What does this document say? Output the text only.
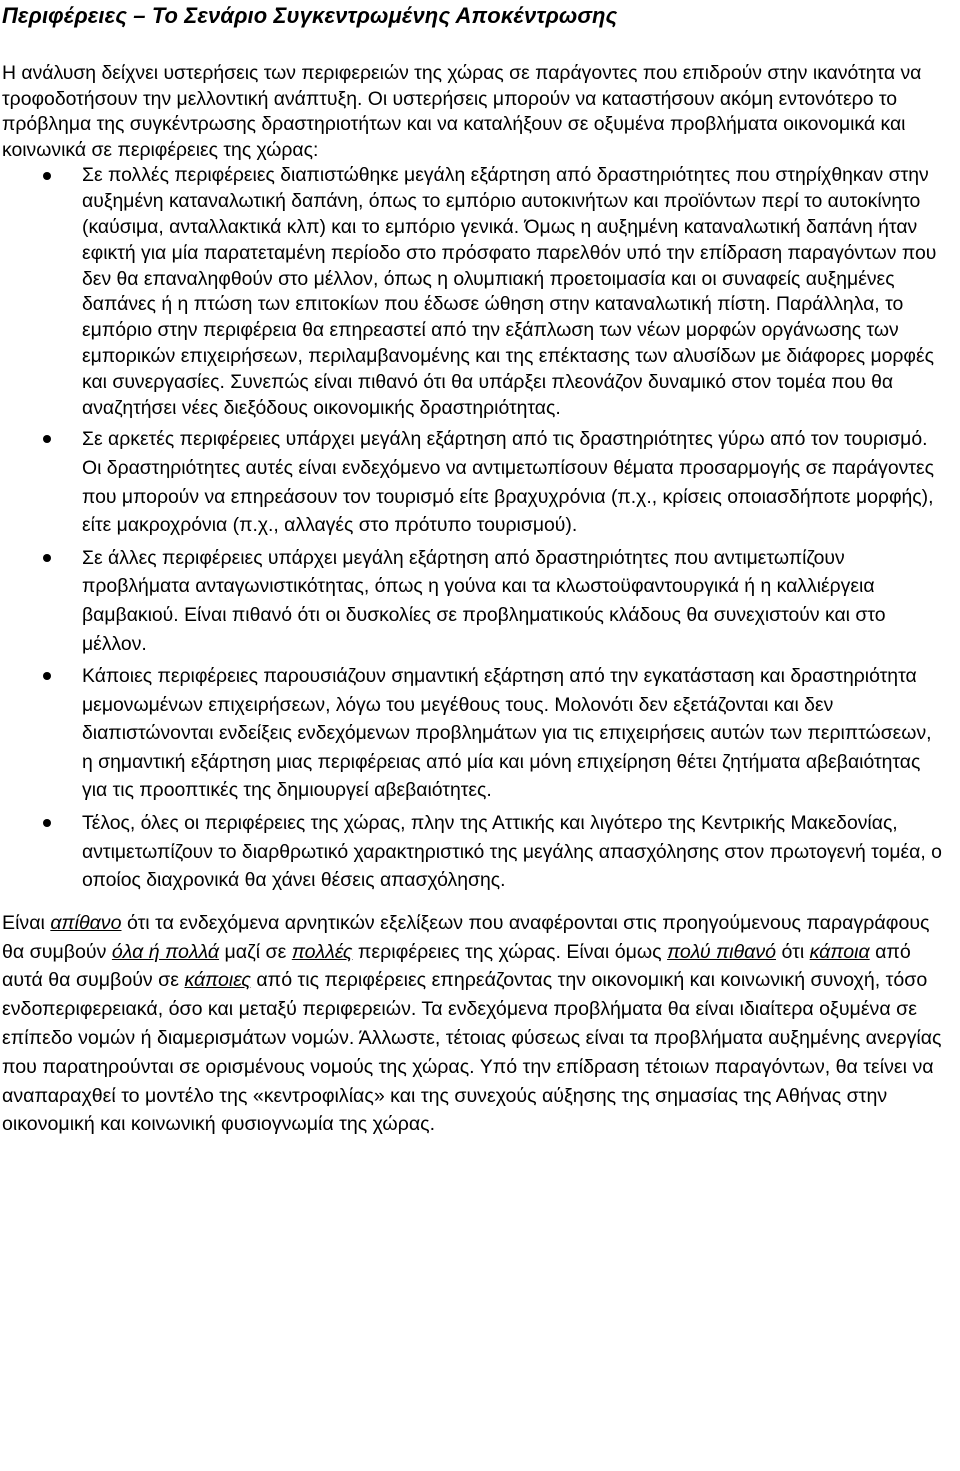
Περιφέρειες – Το Σενάριο Συγκεντρωμένης Αποκέντρωσης

Η ανάλυση δείχνει υστερήσεις των περιφερειών της χώρας σε παράγοντες που επιδρούν στην ικανότητα να τροφοδοτήσουν την μελλοντική ανάπτυξη. Οι υστερήσεις μπορούν να καταστήσουν ακόμη εντονότερο το πρόβλημα της συγκέντρωσης δραστηριοτήτων και να καταλήξουν σε οξυμένα προβλήματα οικονομικά και κοινωνικά σε περιφέρειες της χώρας:

Σε πολλές περιφέρειες διαπιστώθηκε μεγάλη εξάρτηση από δραστηριότητες που στηρίχθηκαν στην αυξημένη καταναλωτική δαπάνη, όπως το εμπόριο αυτοκινήτων και προϊόντων περί το αυτοκίνητο (καύσιμα, ανταλλακτικά κλπ) και το εμπόριο γενικά. Όμως η αυξημένη καταναλωτική δαπάνη ήταν εφικτή για μία παρατεταμένη περίοδο στο πρόσφατο παρελθόν υπό την επίδραση παραγόντων που δεν θα επαναληφθούν στο μέλλον, όπως η ολυμπιακή προετοιμασία και οι συναφείς αυξημένες δαπάνες ή η πτώση των επιτοκίων που έδωσε ώθηση στην καταναλωτική πίστη. Παράλληλα, το εμπόριο στην περιφέρεια θα επηρεαστεί από την εξάπλωση των νέων μορφών οργάνωσης των εμπορικών επιχειρήσεων, περιλαμβανομένης και της επέκτασης των αλυσίδων με διάφορες μορφές και συνεργασίες. Συνεπώς είναι πιθανό ότι θα υπάρξει πλεονάζον δυναμικό στον τομέα που θα αναζητήσει νέες διεξόδους οικονομικής δραστηριότητας.
Σε αρκετές περιφέρειες υπάρχει μεγάλη εξάρτηση από τις δραστηριότητες γύρω από τον τουρισμό. Οι δραστηριότητες αυτές είναι ενδεχόμενο να αντιμετωπίσουν θέματα προσαρμογής σε παράγοντες που μπορούν να επηρεάσουν τον τουρισμό είτε βραχυχρόνια (π.χ., κρίσεις οποιασδήποτε μορφής), είτε μακροχρόνια (π.χ., αλλαγές στο πρότυπο τουρισμού).
Σε άλλες περιφέρειες υπάρχει μεγάλη εξάρτηση από δραστηριότητες που αντιμετωπίζουν προβλήματα ανταγωνιστικότητας, όπως η γούνα και τα κλωστοϋφαντουργικά ή η καλλιέργεια βαμβακιού. Είναι πιθανό ότι οι δυσκολίες σε προβληματικούς κλάδους θα συνεχιστούν και στο μέλλον.
Κάποιες περιφέρειες παρουσιάζουν σημαντική εξάρτηση από την εγκατάσταση και δραστηριότητα μεμονωμένων επιχειρήσεων, λόγω του μεγέθους τους. Μολονότι δεν εξετάζονται και δεν διαπιστώνονται ενδείξεις ενδεχόμενων προβλημάτων για τις επιχειρήσεις αυτών των περιπτώσεων, η σημαντική εξάρτηση μιας περιφέρειας από μία και μόνη επιχείρηση θέτει ζητήματα αβεβαιότητας για τις προοπτικές της δημιουργεί αβεβαιότητες.
Τέλος, όλες οι περιφέρειες της χώρας, πλην της Αττικής και λιγότερο της Κεντρικής Μακεδονίας, αντιμετωπίζουν το διαρθρωτικό χαρακτηριστικό της μεγάλης απασχόλησης στον πρωτογενή τομέα, ο οποίος διαχρονικά θα χάνει θέσεις απασχόλησης.

Είναι απίθανο ότι τα ενδεχόμενα αρνητικών εξελίξεων που αναφέρονται στις προηγούμενους παραγράφους θα συμβούν όλα ή πολλά μαζί σε πολλές περιφέρειες της χώρας. Είναι όμως πολύ πιθανό ότι κάποια από αυτά θα συμβούν σε κάποιες από τις περιφέρειες επηρεάζοντας την οικονομική και κοινωνική συνοχή, τόσο ενδοπεριφερειακά, όσο και μεταξύ περιφερειών. Τα ενδεχόμενα προβλήματα θα είναι ιδιαίτερα οξυμένα σε επίπεδο νομών ή διαμερισμάτων νομών. Άλλωστε, τέτοιας φύσεως είναι τα προβλήματα αυξημένης ανεργίας που παρατηρούνται σε ορισμένους νομούς της χώρας. Υπό την επίδραση τέτοιων παραγόντων, θα τείνει να αναπαραχθεί το μοντέλο της «κεντροφιλίας» και της συνεχούς αύξησης της σημασίας της Αθήνας στην οικονομική και κοινωνική φυσιογνωμία της χώρας.
